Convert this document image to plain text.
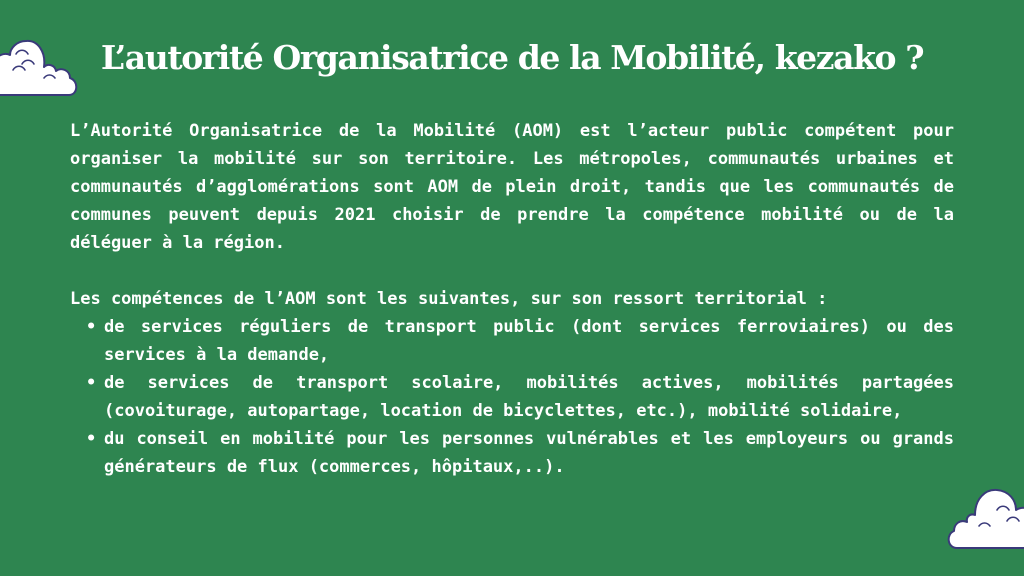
L’autorité Organisatrice de la Mobilité, kezako ?

L’Autorité Organisatrice de la Mobilité (AOM) est l’acteur public compétent pour organiser la mobilité sur son territoire. Les métropoles, communautés urbaines et communautés d’agglomérations sont AOM de plein droit, tandis que les communautés de communes peuvent depuis 2021 choisir de prendre la compétence mobilité ou de la déléguer à la région.

Les compétences de l’AOM sont les suivantes, sur son ressort territorial :

• de services réguliers de transport public (dont services ferroviaires) ou des services à la demande,
• de services de transport scolaire, mobilités actives, mobilités partagées (covoiturage, autopartage, location de bicyclettes, etc.), mobilité solidaire,
• du conseil en mobilité pour les personnes vulnérables et les employeurs ou grands générateurs de flux (commerces, hôpitaux,..).
